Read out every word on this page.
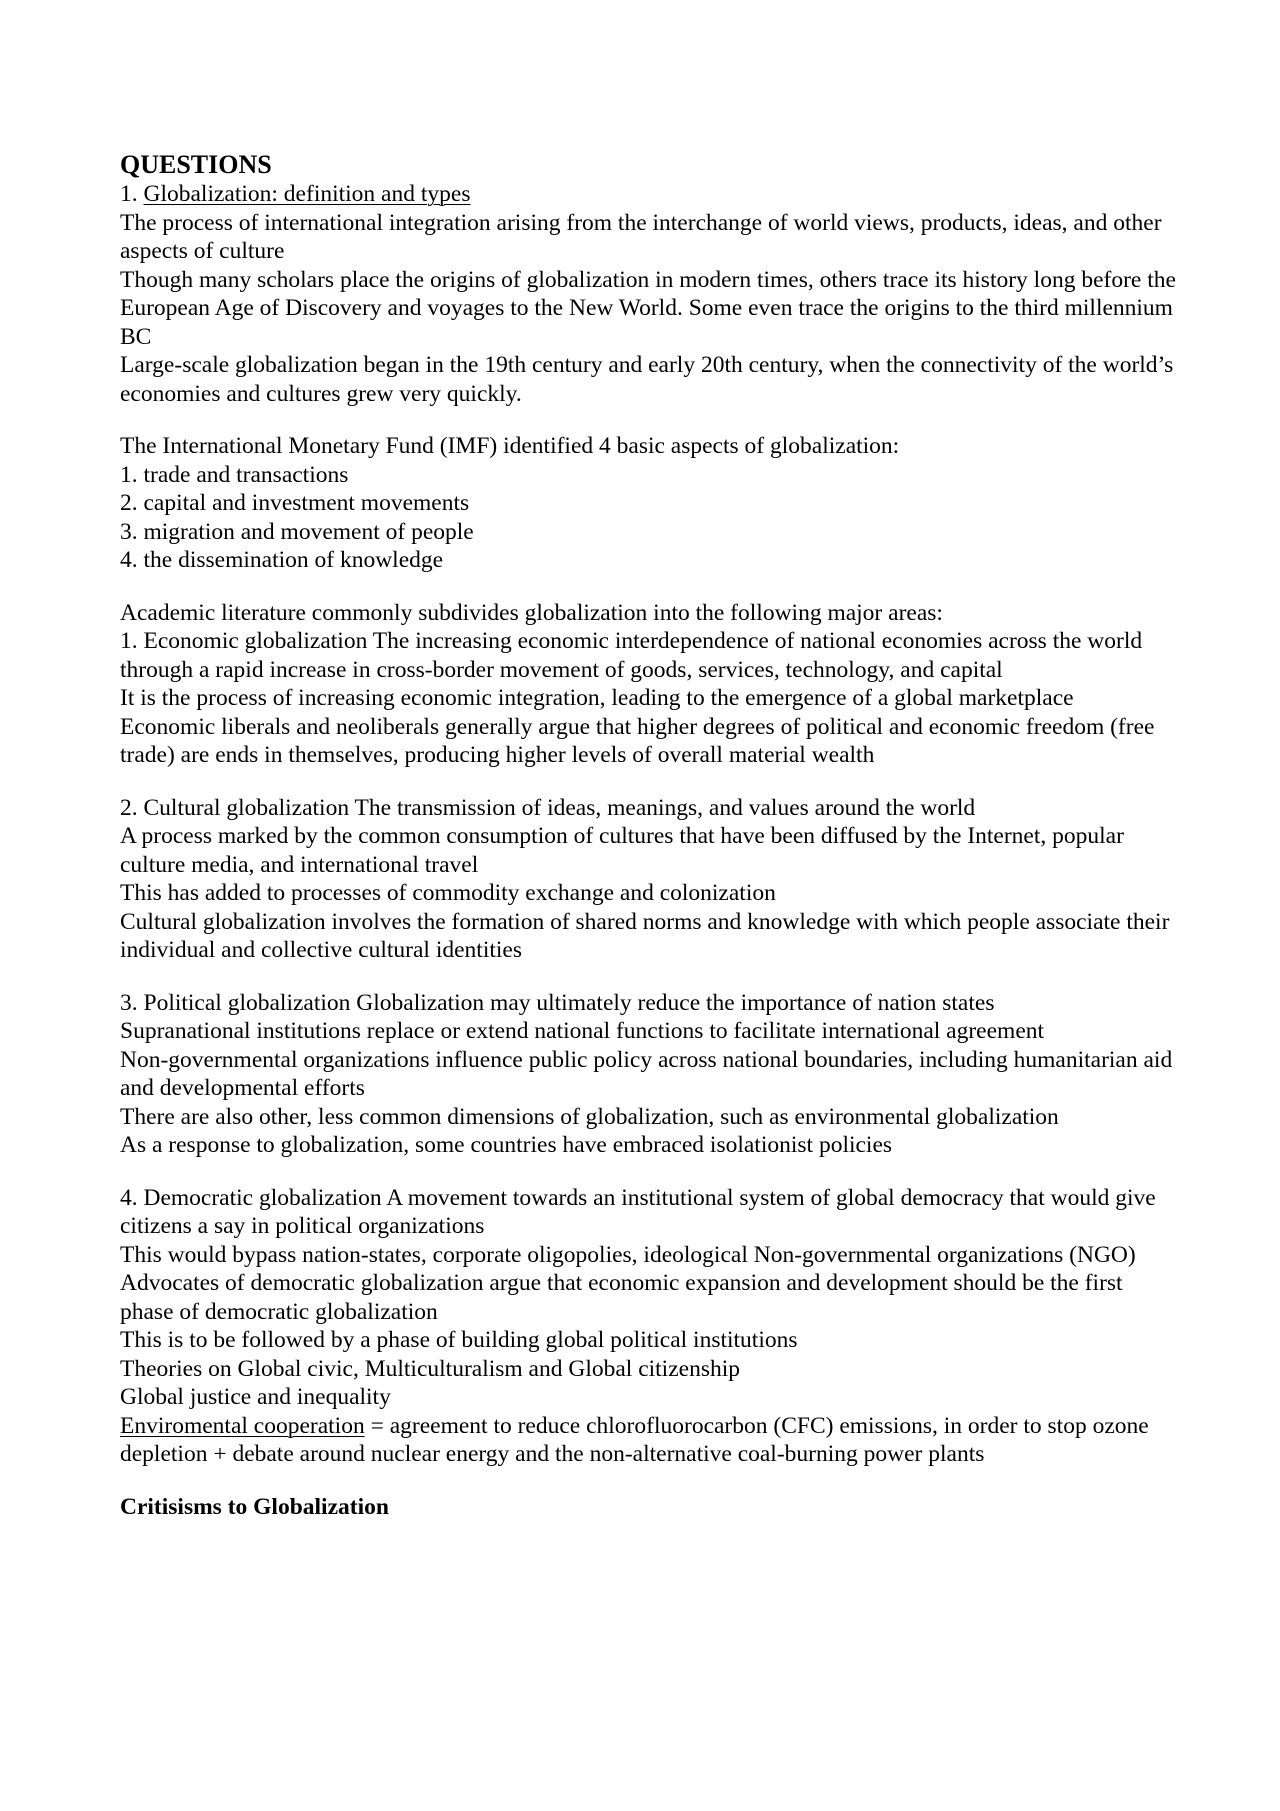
QUESTIONS

1. Globalization: definition and types

The process of international integration arising from the interchange of world views, products, ideas, and other aspects of culture

Though many scholars place the origins of globalization in modern times, others trace its history long before the European Age of Discovery and voyages to the New World. Some even trace the origins to the third millennium BC

Large-scale globalization began in the 19th century and early 20th century, when the connectivity of the world’s economies and cultures grew very quickly.

The International Monetary Fund (IMF) identified 4 basic aspects of globalization:

1. trade and transactions

2. capital and investment movements

3. migration and movement of people

4. the dissemination of knowledge

Academic literature commonly subdivides globalization into the following major areas:

1. Economic globalization The increasing economic interdependence of national economies across the world through a rapid increase in cross-border movement of goods, services, technology, and capital

It is the process of increasing economic integration, leading to the emergence of a global marketplace

Economic liberals and neoliberals generally argue that higher degrees of political and economic freedom (free trade) are ends in themselves, producing higher levels of overall material wealth

2. Cultural globalization The transmission of ideas, meanings, and values around the world

A process marked by the common consumption of cultures that have been diffused by the Internet, popular culture media, and international travel

This has added to processes of commodity exchange and colonization

Cultural globalization involves the formation of shared norms and knowledge with which people associate their individual and collective cultural identities

3. Political globalization Globalization may ultimately reduce the importance of nation states

Supranational institutions replace or extend national functions to facilitate international agreement

Non-governmental organizations influence public policy across national boundaries, including humanitarian aid and developmental efforts

There are also other, less common dimensions of globalization, such as environmental globalization

As a response to globalization, some countries have embraced isolationist policies

4. Democratic globalization A movement towards an institutional system of global democracy that would give citizens a say in political organizations

This would bypass nation-states, corporate oligopolies, ideological Non-governmental organizations (NGO)

Advocates of democratic globalization argue that economic expansion and development should be the first phase of democratic globalization

This is to be followed by a phase of building global political institutions

Theories on Global civic, Multiculturalism and Global citizenship

Global justice and inequality

Enviromental cooperation = agreement to reduce chlorofluorocarbon (CFC) emissions, in order to stop ozone depletion + debate around nuclear energy and the non-alternative coal-burning power plants

Critisisms to Globalization
